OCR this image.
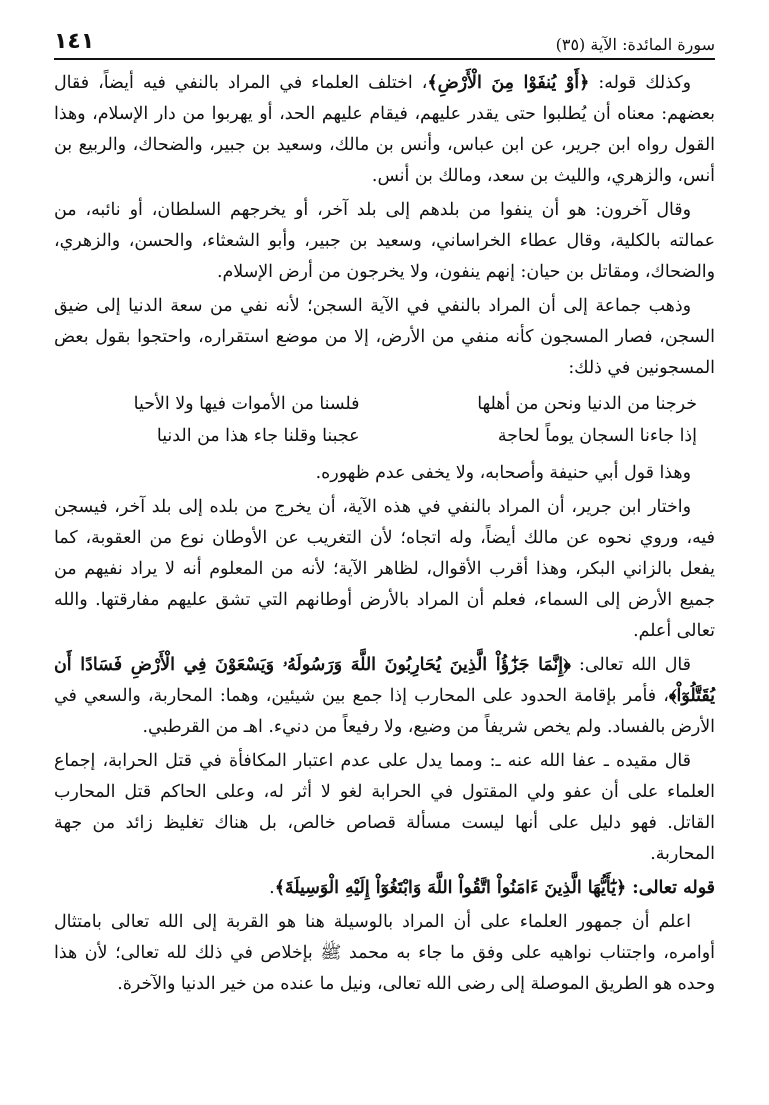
سورة المائدة: الآية (٣٥)
١٤١

وكذلك قوله: ﴿أَوْ يُنفَوْا مِنَ الْأَرْضِ﴾، اختلف العلماء في المراد بالنفي فيه أيضاً، فقال بعضهم: معناه أن يُطلبوا حتى يقدر عليهم، فيقام عليهم الحد، أو يهربوا من دار الإسلام، وهذا القول رواه ابن جرير، عن ابن عباس، وأنس بن مالك، وسعيد بن جبير، والضحاك، والربيع بن أنس، والزهري، والليث بن سعد، ومالك بن أنس.

وقال آخرون: هو أن ينفوا من بلدهم إلى بلد آخر، أو يخرجهم السلطان، أو نائبه، من عمالته بالكلية، وقال عطاء الخراساني، وسعيد بن جبير، وأبو الشعثاء، والحسن، والزهري، والضحاك، ومقاتل بن حيان: إنهم ينفون، ولا يخرجون من أرض الإسلام.

وذهب جماعة إلى أن المراد بالنفي في الآية السجن؛ لأنه نفي من سعة الدنيا إلى ضيق السجن، فصار المسجون كأنه منفي من الأرض، إلا من موضع استقراره، واحتجوا بقول بعض المسجونين في ذلك:

خرجنا من الدنيا ونحن من أهلها
فلسنا من الأموات فيها ولا الأحيا
إذا جاءنا السجان يوماً لحاجة
عجبنا وقلنا جاء هذا من الدنيا

وهذا قول أبي حنيفة وأصحابه، ولا يخفى عدم ظهوره.

واختار ابن جرير، أن المراد بالنفي في هذه الآية، أن يخرج من بلده إلى بلد آخر، فيسجن فيه، وروي نحوه عن مالك أيضاً، وله اتجاه؛ لأن التغريب عن الأوطان نوع من العقوبة، كما يفعل بالزاني البكر، وهذا أقرب الأقوال، لظاهر الآية؛ لأنه من المعلوم أنه لا يراد نفيهم من جميع الأرض إلى السماء، فعلم أن المراد بالأرض أوطانهم التي تشق عليهم مفارقتها. والله تعالى أعلم.

قال الله تعالى: ﴿إِنَّمَا جَزَٰٓؤُاْ الَّذِينَ يُحَارِبُونَ اللَّهَ وَرَسُولَهُۥ وَيَسْعَوْنَ فِي الْأَرْضِ فَسَادًا أَن يُقَتَّلُوٓاْ﴾، فأمر بإقامة الحدود على المحارب إذا جمع بين شيئين، وهما: المحاربة، والسعي في الأرض بالفساد. ولم يخص شريفاً من وضيع، ولا رفيعاً من دنيء. اهـ من القرطبي.

قال مقيده ـ عفا الله عنه ـ: ومما يدل على عدم اعتبار المكافأة في قتل الحرابة، إجماع العلماء على أن عفو ولي المقتول في الحرابة لغو لا أثر له، وعلى الحاكم قتل المحارب القاتل. فهو دليل على أنها ليست مسألة قصاص خالص، بل هناك تغليظ زائد من جهة المحاربة.

قوله تعالى: ﴿يَٰٓأَيُّهَا الَّذِينَ ءَامَنُواْ اتَّقُواْ اللَّهَ وَابْتَغُوٓاْ إِلَيْهِ الْوَسِيلَةَ﴾.

اعلم أن جمهور العلماء على أن المراد بالوسيلة هنا هو القربة إلى الله تعالى بامتثال أوامره، واجتناب نواهيه على وفق ما جاء به محمد ﷺ بإخلاص في ذلك لله تعالى؛ لأن هذا وحده هو الطريق الموصلة إلى رضى الله تعالى، ونيل ما عنده من خير الدنيا والآخرة.
